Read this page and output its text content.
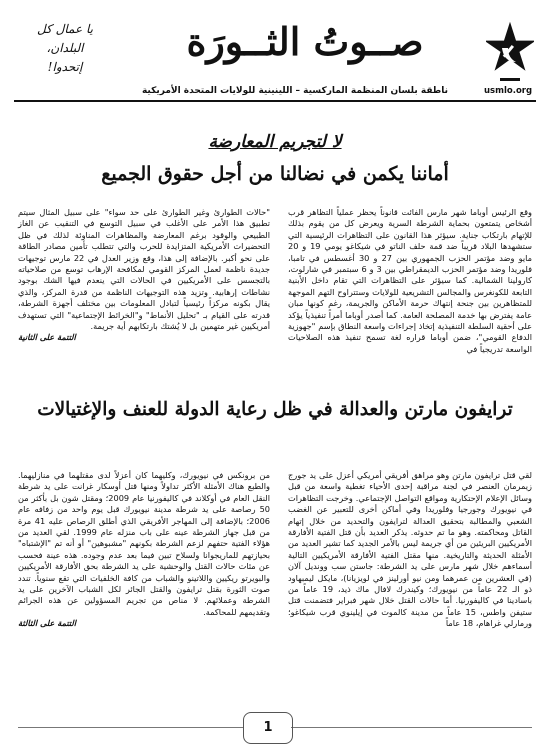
usmlo.org
صــوتُ الثــورَة
ناطقة بلسان المنظمة الماركسية – اللينينية للولايات المتحدة الأمريكية
يا عمال كل
البلدان،
إتحدوا!
لا لتجريم المعارضة
أماننا يكمن في نضالنا من أجل حقوق الجميع
وقع الرئيس أوباما شهر مارس الفائت قانوناً يحظر عملياً التظاهر قرب أشخاص يتمتعون بحماية الشرطة السرية ويعرض كل من يقوم بذلك للإتهام بارتكاب جناية. سيؤثر هذا القانون على التظاهرات الرئيسية التي ستشهدها البلاد قريباً ضد قمة حلف الناتو في شيكاغو يومي 19 و 20 مايو وضد مؤتمر الحزب الجمهوري بين 27 و 30 أغسطس في تامبا، فلوريدا وضد مؤتمر الحزب الديمقراطي بين 3 و 6 سبتمبر في شارلوت، كارولينا الشمالية. كما سيؤثر على التظاهرات التي تقام داخل الأبنية التابعة للكونغرس والمجالس التشريعية للولايات وستتراوح التهم الموجهة للمتظاهرين بين جنحة إنتهاك حرمة الأماكن والجريمة، رغم كونها مبان عامة يفترض بها خدمة المصلحة العامة. كما أصدر أوباما أمراً تنفيذياً يؤكد على أحقية السلطة التنفيذية إتخاذ إجراءات واسعة النطاق بإسم "جهوزية الدفاع القومي"، ضمن أوباما قراره لغة تسمح تنفيذ هذه الصلاحيات الواسعة تدريجياً في
"حالات الطوارئ وغير الطوارئ على حد سواء" على سبيل المثال سيتم تطبيق هذا الأمر على الأغلب في سبيل التوسع في التنقيب عن الغاز الطبيعي والوقود برغم المعارضة والمظاهرات المناوئة لذلك في ظل التحضيرات الأمريكية المتزايدة للحرب والتي تتطلب تأمين مصادر الطاقة على نحو أكبر. بالإضافة إلى هذا، وقع وزير العدل في 22 مارس توجيهات جديدة ناظمة لعمل المركز القومي لمكافحة الإرهاب توسع من صلاحياته بالتجسس على الأمريكيين في الحالات التي ينعدم فيها الشك بوجود نشاطات إرهابية. وتزيد هذه التوجيهات الناظمة من قدرة المركز، والذي يقال بكونه مركزاً رئيسياً لتبادل المعلومات بين مختلف أجهزة الشرطة، قدرته على القيام بـ "تحليل الأنماط" و"الخرائط الإجتماعية" التي تستهدف أمريكيين غير متهمين بل لا يُشتك بارتكابهم أية جريمة.
التتمة على الثانية
ترايفون مارتن والعدالة في ظل رعاية الدولة للعنف والإغتيالات
لقي قتل ترايفون مارتن وهو مراهق أفريقي أمريكي أعزل على يد جورج زيمرمان العنصر في لجنة مراقبة إحدى الأحياء تغطية واسعة من قبل وسائل الإعلام الإحتكارية ومواقع التواصل الإجتماعي. وخرجت التظاهرات في نيويورك وجورجيا وفلوريدا وفي أماكن أخرى للتعبير عن الغضب الشعبي والمطالبة بتحقيق العدالة لترايفون والتحديد من خلال إتهام القاتل ومحاكمته. وهو ما تم حدوثه. يذكر العديد بأن قتل الفتية الأفارقة الأمريكيين البريئين من أي جريمة ليس بالأمر الجديد كما تشير العديد من الأمثلة الحديثة والتاريخية. منها مقتل الفتية الأفارقة الأمريكيين التالية أسماءهم خلال شهر مارس على يد الشرطة: جاستن سب وونديل آلان (في العشرين من عمرهما ومن نيو أورلينز في لويزيانا)، مايكل ليمبهاود ذو الـ 22 عاماً من نيويورك؛ وكيندرك لافال ماك ذيد، 19 عاماً من باسادينا في كاليفورنيا. أما حالات القتل خلال شهر فبراير فتضمنت قتل ستيفن واطس، 15 عاماً من مدينة كالموت في إيلينوي قرب شيكاغو؛ ورمارلي غراهام، 18 عاماً
من برونكس في نيويورك، وكليهما كان أعزلاً لدى مقتلهما في منازليهما. والطبع هناك الأمثلة الأكثر تداولاً ومنها قتل أوسكار غرانت على يد شرطة النقل العام في أوكلاند في كاليفورنيا عام 2009؛ ومقتل شون بل بأكثر من 50 رصاصة على يد شرطة مدينة نيويورك قبل يوم واحد من زفافه عام 2006؛ بالإضافة إلى المهاجر الأفريقي الذي أطلق الرصاص عليه 41 مرة من قبل جهاز الشرطة عينه على باب منزله عام 1999. لقي العديد من هؤلاء الفتية حتفهم لزعم الشرطة بكونهم "مشبوهين" أو أنه تم "الإشتباه" بحيازتهم للماريجوانا ولسلاح تبين فيما بعد عدم وجوده. هذه عينة فحسب عن مئات حالات القتل والوحشية على يد الشرطة بحق الأفارقة الأمريكيين والبويرتو ريكيين واللاتينو والشباب من كافة الخلفيات التي تقع سنوياً. تندد صوت الثورة بقتل ترايفون والقتل الجائر لكل الشباب الآخرين على يد الشرطة وعملائهم. لا مناص من تجريم المسؤولين عن هذه الجرائم وتقديمهم للمحاكمة.
التتمة على الثالثة
1
